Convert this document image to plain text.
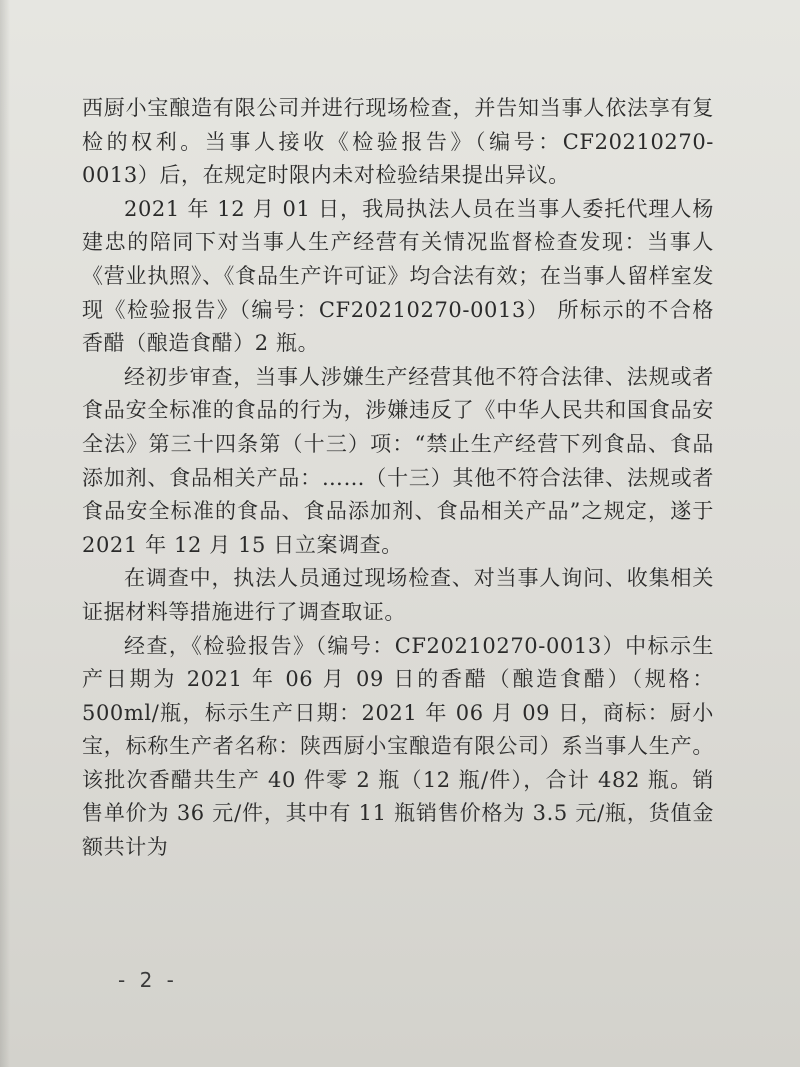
西厨小宝酿造有限公司并进行现场检查，并告知当事人依法享有复检的权利。当事人接收《检验报告》（编号：CF20210270-0013）后，在规定时限内未对检验结果提出异议。

2021 年 12 月 01 日，我局执法人员在当事人委托代理人杨建忠的陪同下对当事人生产经营有关情况监督检查发现：当事人《营业执照》、《食品生产许可证》均合法有效；在当事人留样室发现《检验报告》（编号：CF20210270-0013） 所标示的不合格香醋（酿造食醋）2 瓶。

经初步审查，当事人涉嫌生产经营其他不符合法律、法规或者食品安全标准的食品的行为，涉嫌违反了《中华人民共和国食品安全法》第三十四条第（十三）项：“禁止生产经营下列食品、食品添加剂、食品相关产品：……（十三）其他不符合法律、法规或者食品安全标准的食品、食品添加剂、食品相关产品”之规定，遂于 2021 年 12 月 15 日立案调查。

在调查中，执法人员通过现场检查、对当事人询问、收集相关证据材料等措施进行了调查取证。

经查，《检验报告》（编号：CF20210270-0013）中标示生产日期为 2021 年 06 月 09 日的香醋（酿造食醋）（规格：500ml/瓶，标示生产日期：2021 年 06 月 09 日，商标：厨小宝，标称生产者名称：陕西厨小宝酿造有限公司）系当事人生产。该批次香醋共生产 40 件零 2 瓶（12 瓶/件），合计 482 瓶。销售单价为 36 元/件，其中有 11 瓶销售价格为 3.5 元/瓶，货值金额共计为

- 2 -
